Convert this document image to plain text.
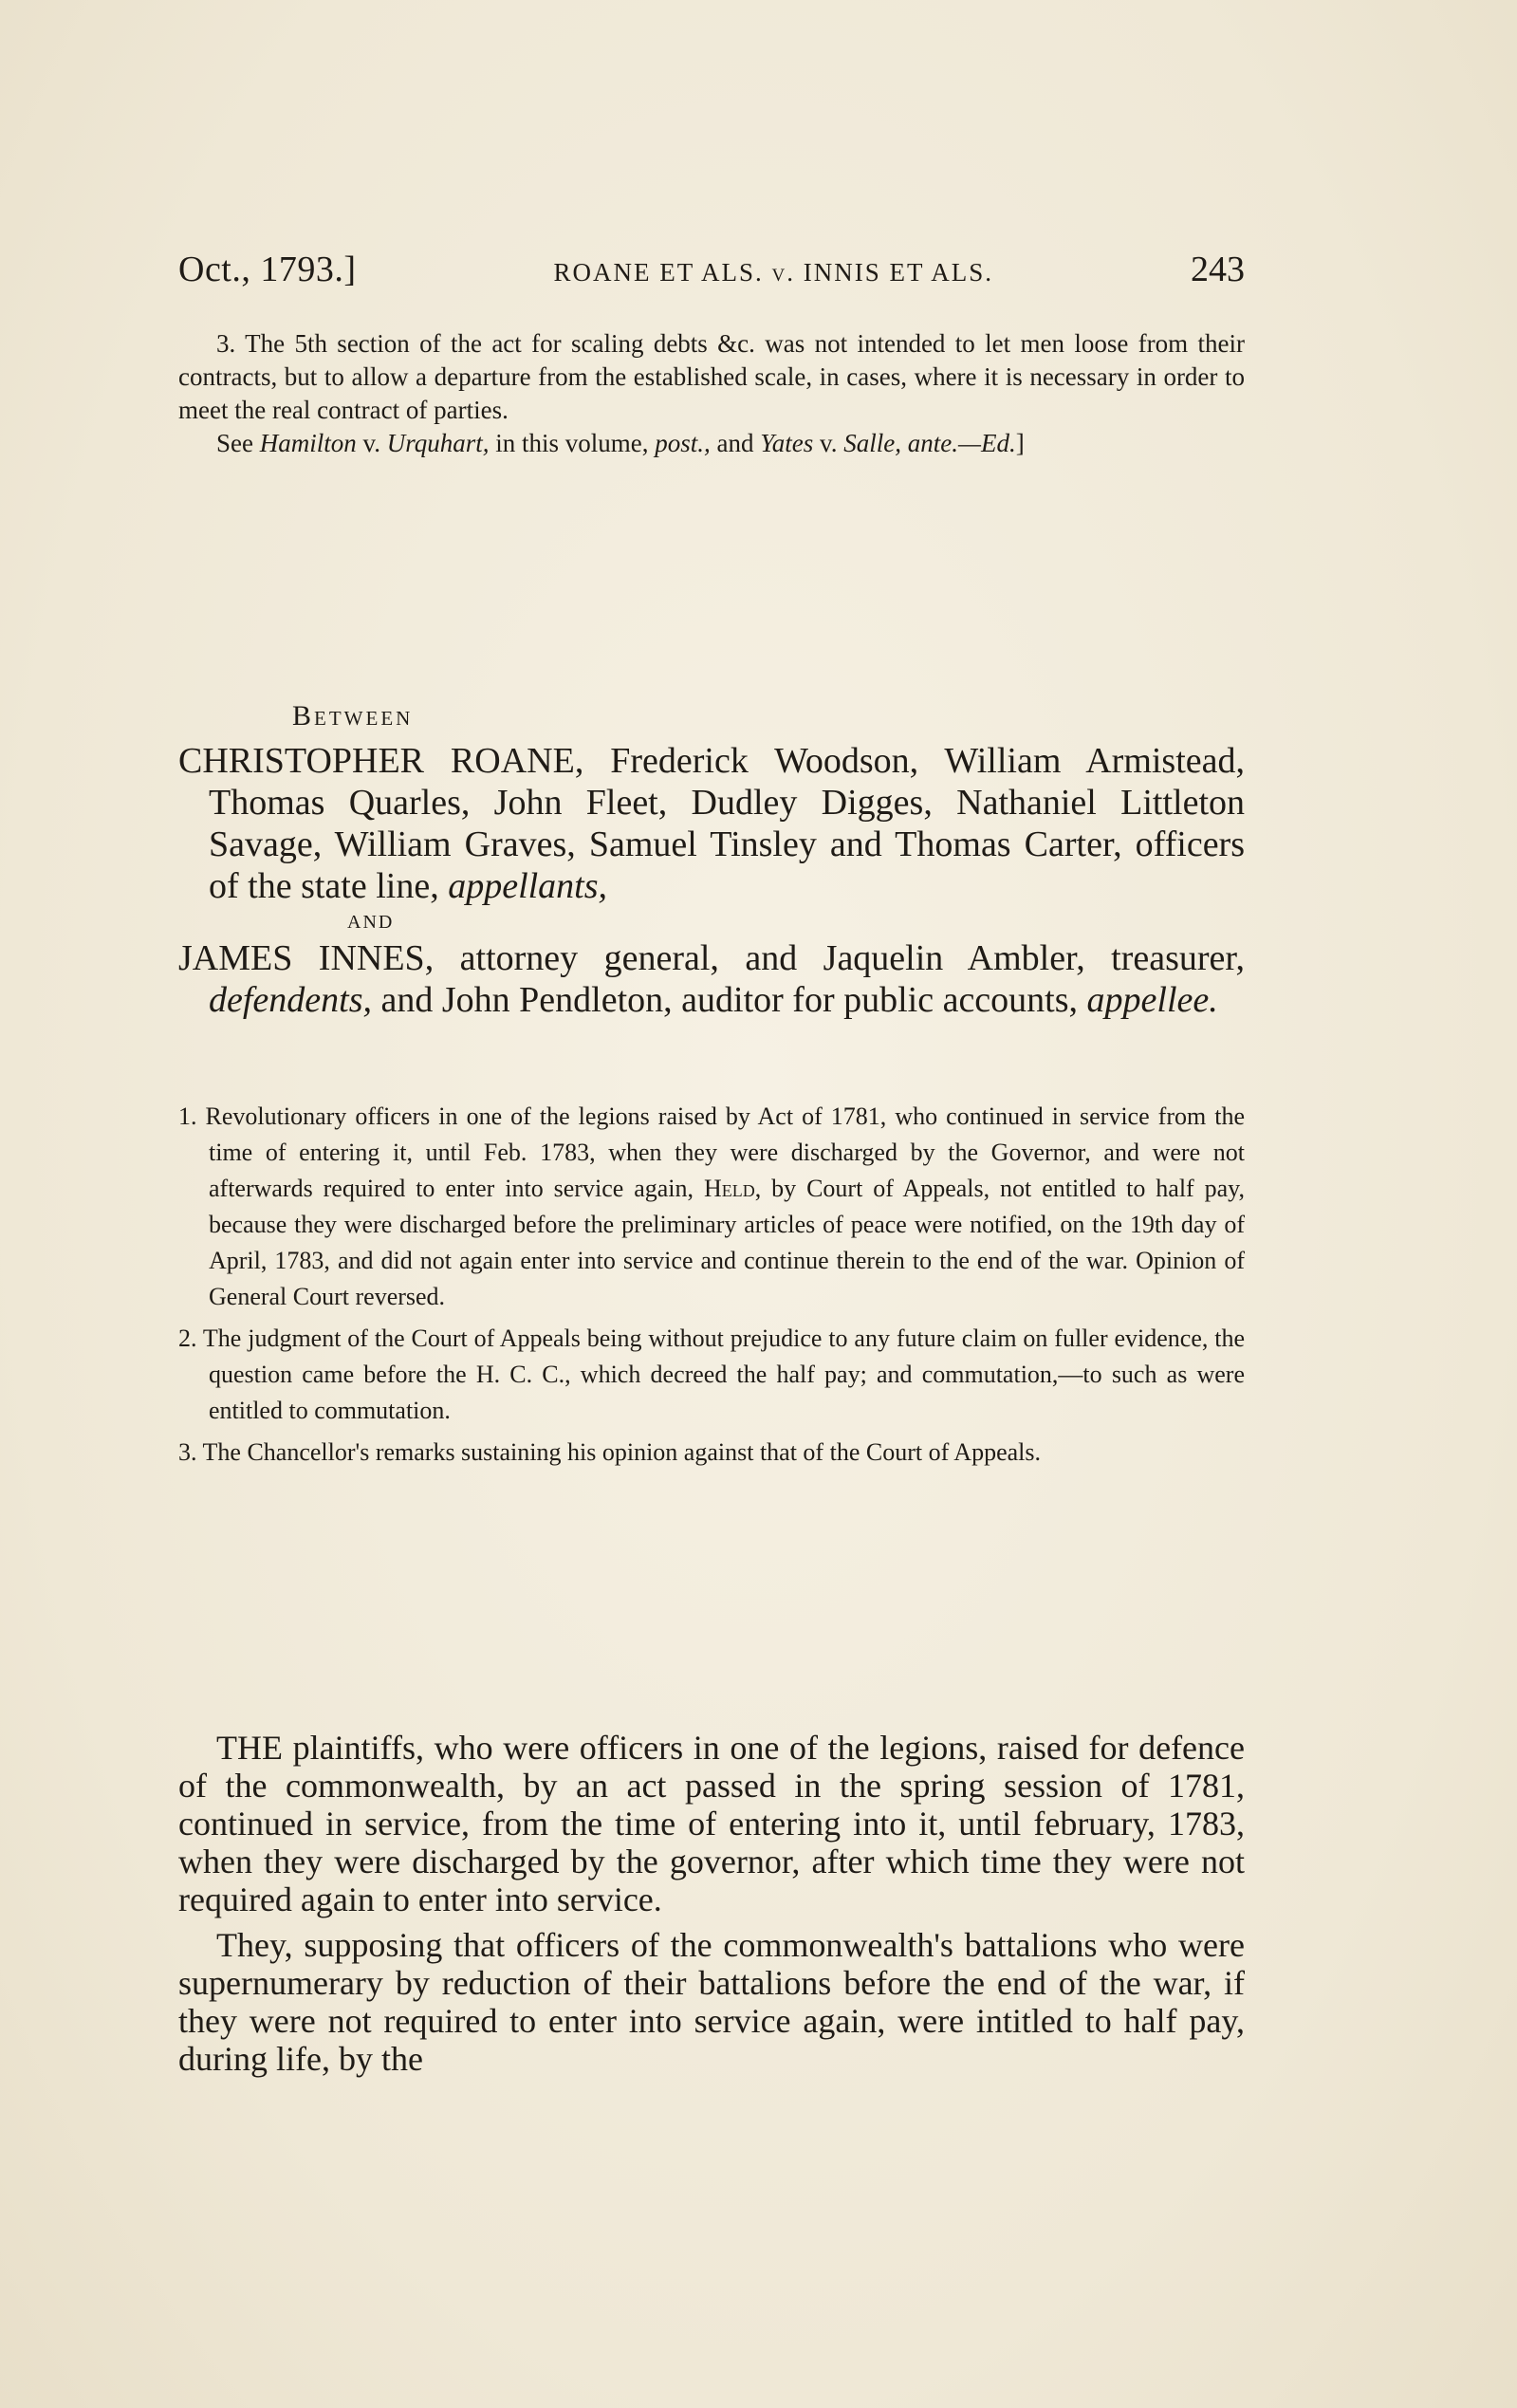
Oct., 1793.]	ROANE ET ALS. v. INNIS ET ALS.	243

3. The 5th section of the act for scaling debts &c. was not intended to let men loose from their contracts, but to allow a departure from the established scale, in cases, where it is necessary in order to meet the real contract of parties.

See Hamilton v. Urquhart, in this volume, post., and Yates v. Salle, ante.—Ed.]

Between

CHRISTOPHER ROANE, Frederick Woodson, William Armistead, Thomas Quarles, John Fleet, Dudley Digges, Nathaniel Littleton Savage, William Graves, Samuel Tinsley and Thomas Carter, officers of the state line, appellants,

AND

JAMES INNES, attorney general, and Jaquelin Ambler, treasurer, defendents, and John Pendleton, auditor for public accounts, appellee.

1. Revolutionary officers in one of the legions raised by Act of 1781, who continued in service from the time of entering it, until Feb. 1783, when they were discharged by the Governor, and were not afterwards required to enter into service again, Held, by Court of Appeals, not entitled to half pay, because they were discharged before the preliminary articles of peace were notified, on the 19th day of April, 1783, and did not again enter into service and continue therein to the end of the war. Opinion of General Court reversed.

2. The judgment of the Court of Appeals being without prejudice to any future claim on fuller evidence, the question came before the H. C. C., which decreed the half pay; and commutation,—to such as were entitled to commutation.

3. The Chancellor's remarks sustaining his opinion against that of the Court of Appeals.

THE plaintiffs, who were officers in one of the legions, raised for defence of the commonwealth, by an act passed in the spring session of 1781, continued in service, from the time of entering into it, until february, 1783, when they were discharged by the governor, after which time they were not required again to enter into service.

They, supposing that officers of the commonwealth's battalions who were supernumerary by reduction of their battalions before the end of the war, if they were not required to enter into service again, were intitled to half pay, during life, by the
